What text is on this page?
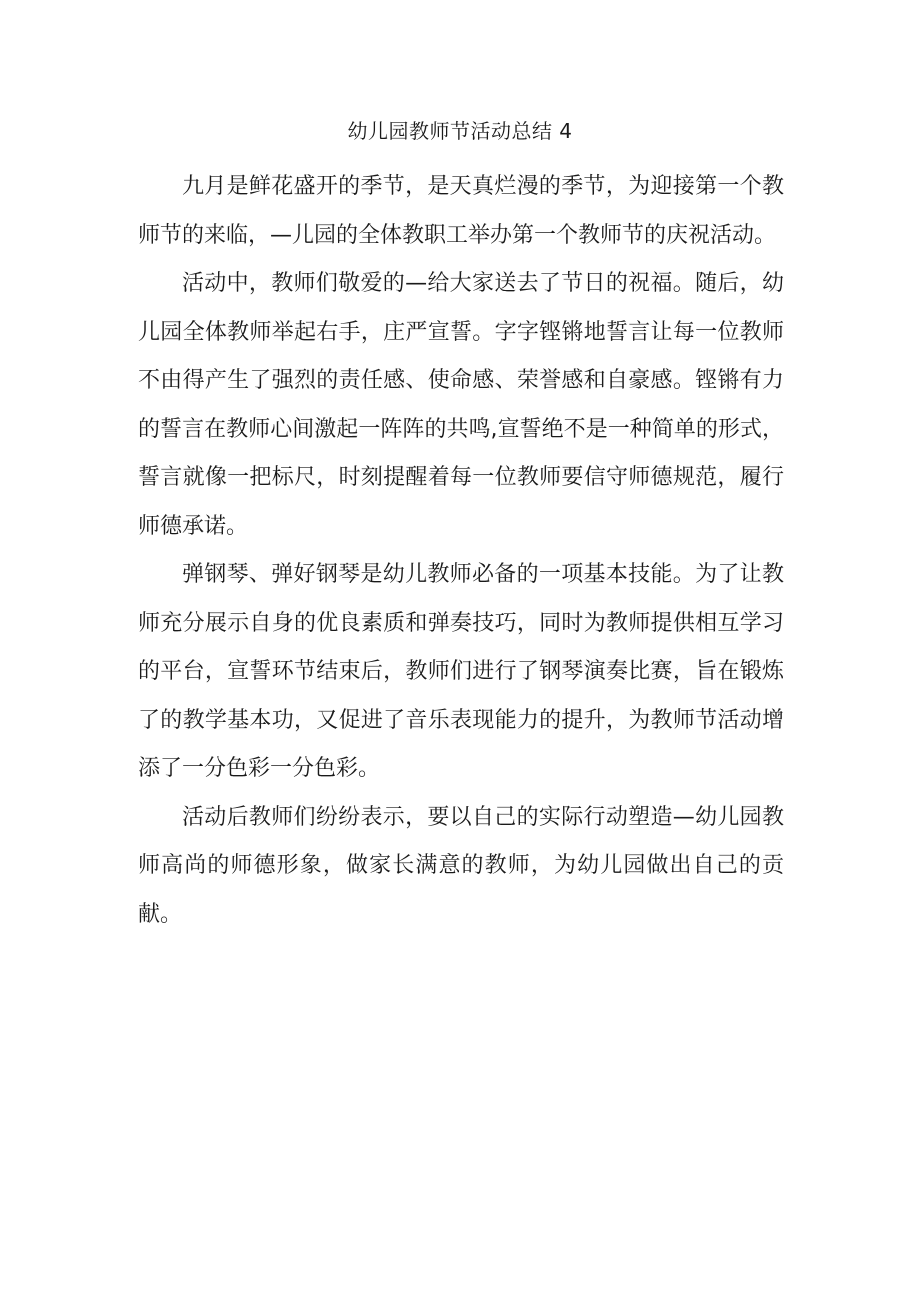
幼儿园教师节活动总结 4

九月是鲜花盛开的季节，是天真烂漫的季节，为迎接第一个教师节的来临，—儿园的全体教职工举办第一个教师节的庆祝活动。

活动中，教师们敬爱的—给大家送去了节日的祝福。随后，幼儿园全体教师举起右手，庄严宣誓。字字铿锵地誓言让每一位教师不由得产生了强烈的责任感、使命感、荣誉感和自豪感。铿锵有力的誓言在教师心间激起一阵阵的共鸣,宣誓绝不是一种简单的形式，誓言就像一把标尺，时刻提醒着每一位教师要信守师德规范，履行师德承诺。

弹钢琴、弹好钢琴是幼儿教师必备的一项基本技能。为了让教师充分展示自身的优良素质和弹奏技巧，同时为教师提供相互学习的平台，宣誓环节结束后，教师们进行了钢琴演奏比赛，旨在锻炼了的教学基本功，又促进了音乐表现能力的提升，为教师节活动增添了一分色彩一分色彩。

活动后教师们纷纷表示，要以自己的实际行动塑造—幼儿园教师高尚的师德形象，做家长满意的教师，为幼儿园做出自己的贡献。
